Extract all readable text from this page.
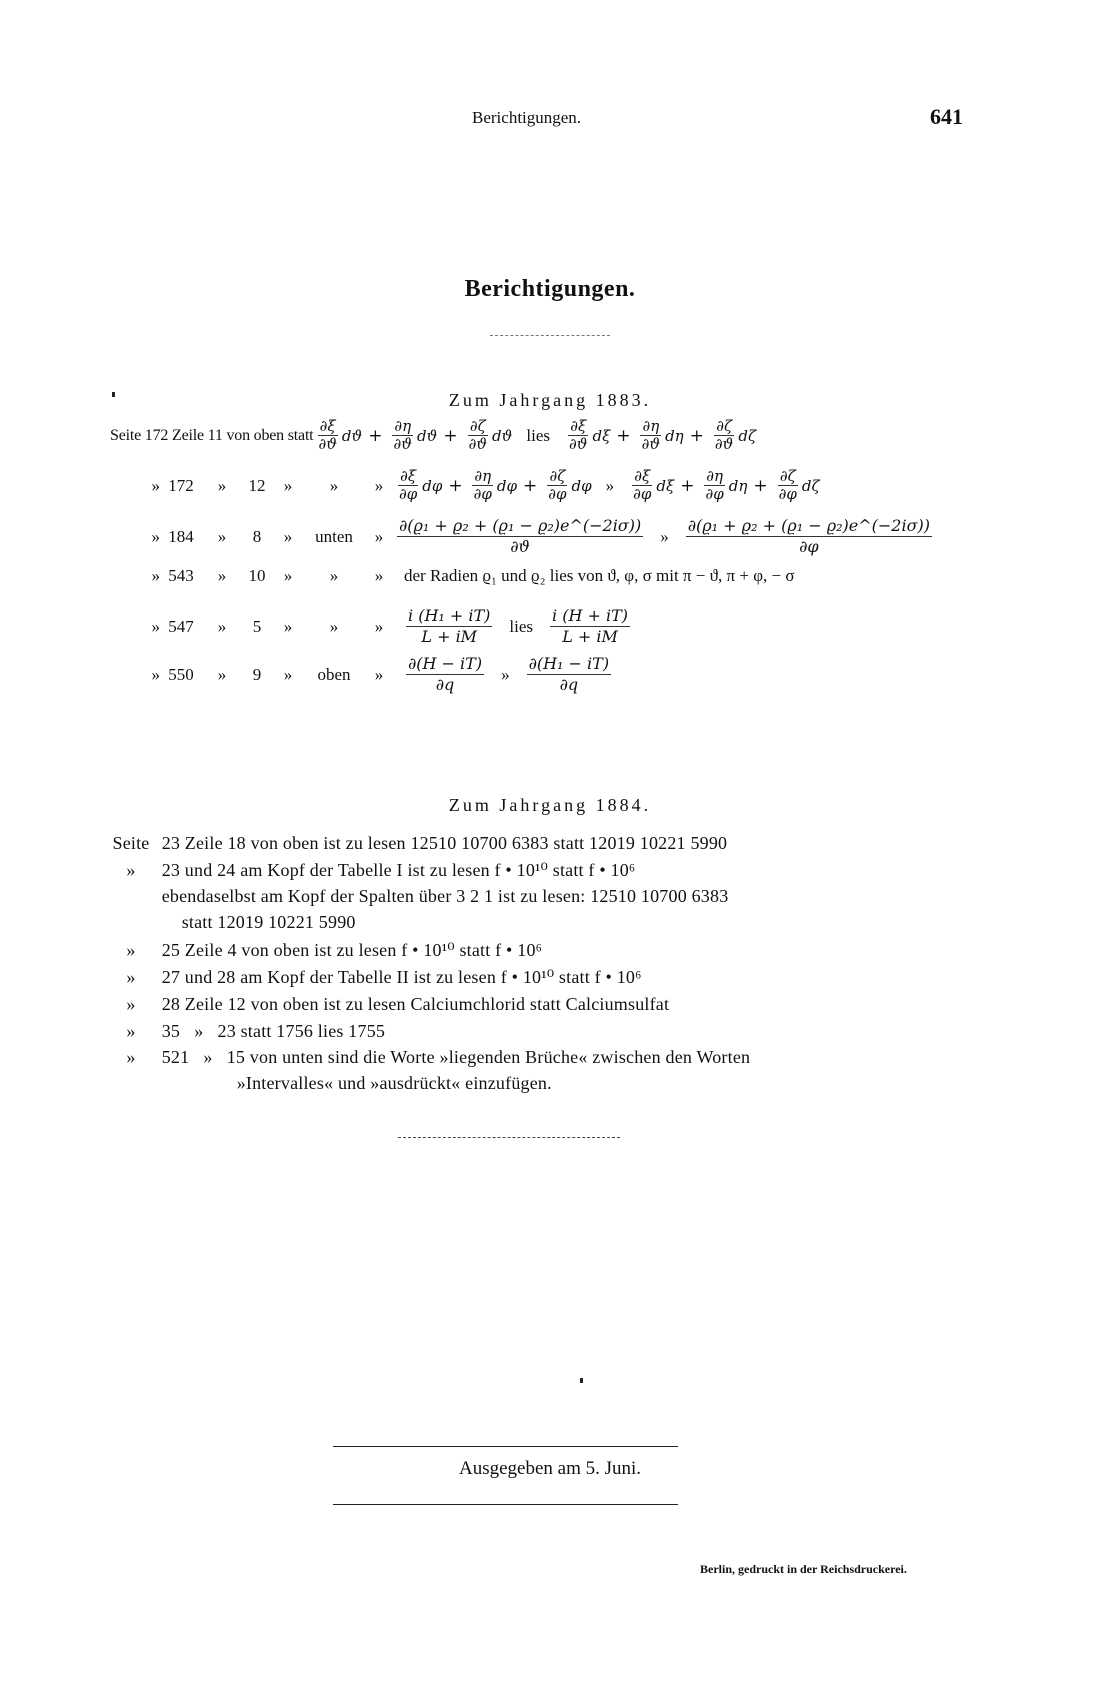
Berichtigungen.	641
Berichtigungen.
Zum Jahrgang 1883.
Seite 172 Zeile 11 von oben statt $\frac{\partial\xi}{\partial ϑ}$ $dϑ + \frac{\partial\eta}{\partial ϑ}$ $dϑ + \frac{\partial\zeta}{\partial ϑ}$ dϑ lies $\frac{\partial\xi}{\partial ϑ}$ $d\xi + \frac{\partial\eta}{\partial ϑ}$ $d\eta + \frac{\partial\zeta}{\partial ϑ}$ dζ
» 172	»	12	»	»	» $\frac{\partial\xi}{\partial\varphi}$ $d\varphi + \frac{\partial\eta}{\partial\varphi}$ $d\varphi + \frac{\partial\zeta}{\partial\varphi}$ dφ » $\frac{\partial\xi}{\partial\varphi}$ $d\xi + \frac{\partial\eta}{\partial\varphi}$ $d\eta + \frac{\partial\zeta}{\partial\varphi}$ dζ
» 184	»	8	»	unten	» $\frac{\text{∂(ϱ₁ + ϱ₂ + (ϱ₁ − ϱ₂)e\textasciicircum{}(−2iσ))}}{\partial ϑ}$ » $\frac{\text{∂(ϱ₁ + ϱ₂ + (ϱ₁ − ϱ₂)e\textasciicircum{}(−2iσ))}}{\partial\varphi}$
» 543	»	10	»	»	»	der Radien ϱ₁ und ϱ₂ lies von ϑ, φ, σ mit π − ϑ, π + φ, − σ
» 547	»	5	»	»	»	$\frac{\text{i (H₁ + iT)}}{L + iM}$ lies $\frac{i (H + iT)}{L + iM}$
» 550	»	9	»	oben	»	$\frac{\partial(H - iT)}{\partial q}$ » $\frac{\text{∂(H₁ − iT)}}{\partial q}$
Zum Jahrgang 1884.
Seite 23 Zeile 18 von oben ist zu lesen 12510 10700 6383 statt 12019 10221 5990
» 23 und 24 am Kopf der Tabelle I ist zu lesen f • 10¹⁰ statt f • 10⁶
ebendaselbst am Kopf der Spalten über 3 2 1 ist zu lesen: 12510 10700 6383
statt 12019 10221 5990
» 25 Zeile 4 von oben ist zu lesen f • 10¹⁰ statt f • 10⁶
» 27 und 28 am Kopf der Tabelle II ist zu lesen f • 10¹⁰ statt f • 10⁶
» 28 Zeile 12 von oben ist zu lesen Calciumchlorid statt Calciumsulfat
» 35   »   23 statt 1756 lies 1755
» 521   »   15 von unten sind die Worte »liegenden Brüche« zwischen den Worten
»Intervalles« und »ausdrückt« einzufügen.
Ausgegeben am 5. Juni.
Berlin, gedruckt in der Reichsdruckerei.
